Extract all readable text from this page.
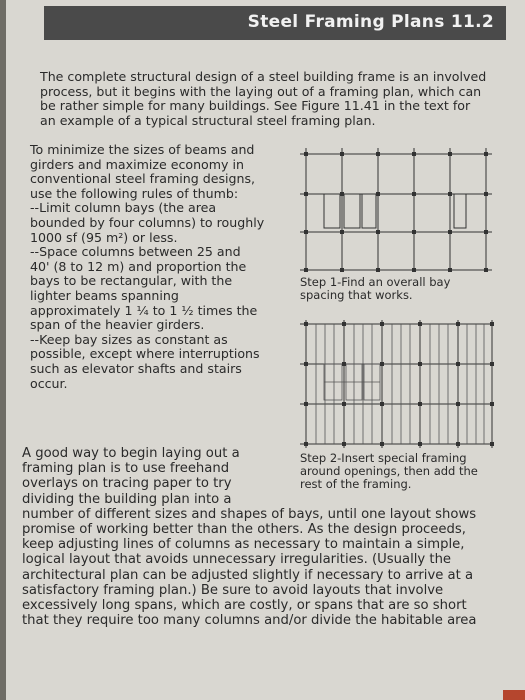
Steel Framing Plans 11.2
The complete structural design of a steel building frame is an involved
process, but it begins with the laying out of a framing plan, which can
be rather simple for many buildings. See Figure 11.41 in the text for
an example of a typical structural steel framing plan.
To minimize the sizes of beams and
girders and maximize economy in
conventional steel framing designs,
use the following rules of thumb:
--Limit column bays (the area
bounded by four columns) to roughly
1000 sf (95 m²) or less.
--Space columns between 25 and
40' (8 to 12 m) and proportion the
bays to be rectangular, with the
lighter beams spanning
approximately 1 ¹⁄₄ to 1 ¹⁄₂ times the
span of the heavier girders.
--Keep bay sizes as constant as
possible, except where interruptions
such as elevator shafts and stairs
occur.
A good way to begin laying out a
framing plan is to use freehand
overlays on tracing paper to try
dividing the building plan into a
number of different sizes and shapes of bays, until one layout shows
promise of working better than the others. As the design proceeds,
keep adjusting lines of columns as necessary to maintain a simple,
logical layout that avoids unnecessary irregularities. (Usually the
architectural plan can be adjusted slightly if necessary to arrive at a
satisfactory framing plan.) Be sure to avoid layouts that involve
excessively long spans, which are costly, or spans that are so short
that they require too many columns and/or divide the habitable area
Step 1-Find an overall bay
spacing that works.
Step 2-Insert special framing
around openings, then add the
rest of the framing.
